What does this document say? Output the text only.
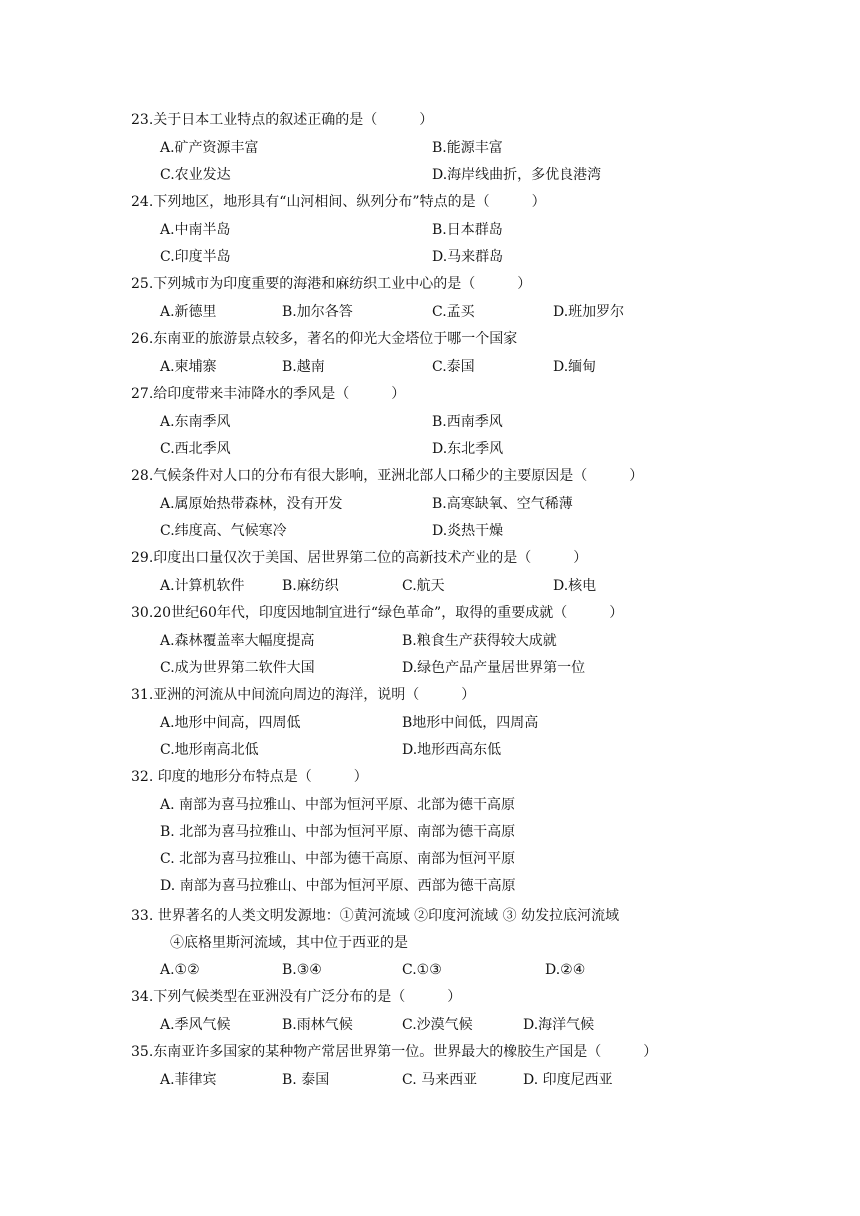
23.关于日本工业特点的叙述正确的是（　　　）
A.矿产资源丰富	B.能源丰富
C.农业发达	D.海岸线曲折，多优良港湾
24.下列地区，地形具有“山河相间、纵列分布”特点的是（　　　）
A.中南半岛	B.日本群岛
C.印度半岛	D.马来群岛
25.下列城市为印度重要的海港和麻纺织工业中心的是（　　　）
A.新德里	B.加尔各答	C.孟买	D.班加罗尔
26.东南亚的旅游景点较多，著名的仰光大金塔位于哪一个国家
A.柬埔寨	B.越南	C.泰国	D.缅甸
27.给印度带来丰沛降水的季风是（　　　）
A.东南季风	B.西南季风
C.西北季风	D.东北季风
28.气候条件对人口的分布有很大影响，亚洲北部人口稀少的主要原因是（　　　）
A.属原始热带森林，没有开发	B.高寒缺氧、空气稀薄
C.纬度高、气候寒冷	D.炎热干燥
29.印度出口量仅次于美国、居世界第二位的高新技术产业的是（　　　）
A.计算机软件	B.麻纺织	C.航天	D.核电
30.20世纪60年代，印度因地制宜进行“绿色革命”，取得的重要成就（　　　）
A.森林覆盖率大幅度提高	B.粮食生产获得较大成就
C.成为世界第二软件大国	D.绿色产品产量居世界第一位
31.亚洲的河流从中间流向周边的海洋，说明（　　　）
A.地形中间高，四周低	B地形中间低，四周高
C.地形南高北低	D.地形西高东低
32. 印度的地形分布特点是（　　　）
A. 南部为喜马拉雅山、中部为恒河平原、北部为德干高原
B. 北部为喜马拉雅山、中部为恒河平原、南部为德干高原
C. 北部为喜马拉雅山、中部为德干高原、南部为恒河平原
D. 南部为喜马拉雅山、中部为恒河平原、西部为德干高原
33. 世界著名的人类文明发源地：①黄河流域 ②印度河流域 ③ 幼发拉底河流域
④底格里斯河流域，其中位于西亚的是
A.①②	B.③④	C.①③	D.②④
34.下列气候类型在亚洲没有广泛分布的是（　　　）
A.季风气候	B.雨林气候	C.沙漠气候	D.海洋气候
35.东南亚许多国家的某种物产常居世界第一位。世界最大的橡胶生产国是（　　　）
A.菲律宾	B. 泰国	C. 马来西亚	D. 印度尼西亚
